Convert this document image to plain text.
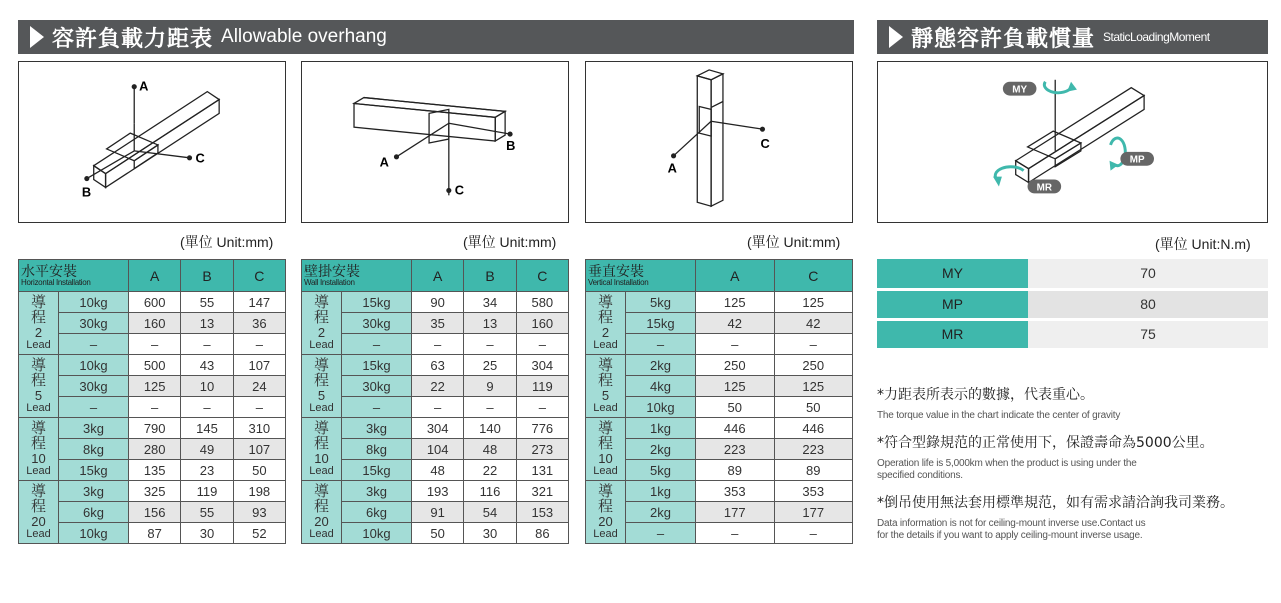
容許負載力距表 Allowable overhang	靜態容許負載慣量 StaticLoadingMoment
A
C
B
B
A
C
C
A
MY
MP
MR
(單位 Unit:mm)	(單位 Unit:mm)	(單位 Unit:mm)	(單位 Unit:N.m)
水平安裝
Horizontal Installation		A	B	C

導
程
2
Lead	10kg	600	55	147
	30kg	160	13	36
	–	–	–	–

導
程
5
Lead	10kg	500	43	107
	30kg	125	10	24
	–	–	–	–

導
程
10
Lead	3kg	790	145	310
	8kg	280	49	107
	15kg	135	23	50

導
程
20
Lead	3kg	325	119	198
	6kg	156	55	93
	10kg	87	30	52
壁掛安裝
Wall Installation		A	B	C

導
程
2
Lead	15kg	90	34	580
	30kg	35	13	160
	–	–	–	–

導
程
5
Lead	15kg	63	25	304
	30kg	22	9	119
	–	–	–	–

導
程
10
Lead	3kg	304	140	776
	8kg	104	48	273
	15kg	48	22	131

導
程
20
Lead	3kg	193	116	321
	6kg	91	54	153
	10kg	50	30	86
垂直安裝
Vertical Installation		A	C

導
程
2
Lead	5kg	125	125
	15kg	42	42
	–	–	–

導
程
5
Lead	2kg	250	250
	4kg	125	125
	10kg	50	50

導
程
10
Lead	1kg	446	446
	2kg	223	223
	5kg	89	89

導
程
20
Lead	1kg	353	353
	2kg	177	177
	–	–	–
MY	70
MP	80
MR	75
*力距表所表示的數據，代表重心。
The torque value in the chart indicate the center of gravity
*符合型錄規范的正常使用下，保證壽命為5000公里。
Operation life is 5,000km when the product is using under the
specified conditions.
*倒吊使用無法套用標準規范，如有需求請洽詢我司業務。
Data information is not for ceiling-mount inverse use.Contact us
for the details if you want to apply ceiling-mount inverse usage.
